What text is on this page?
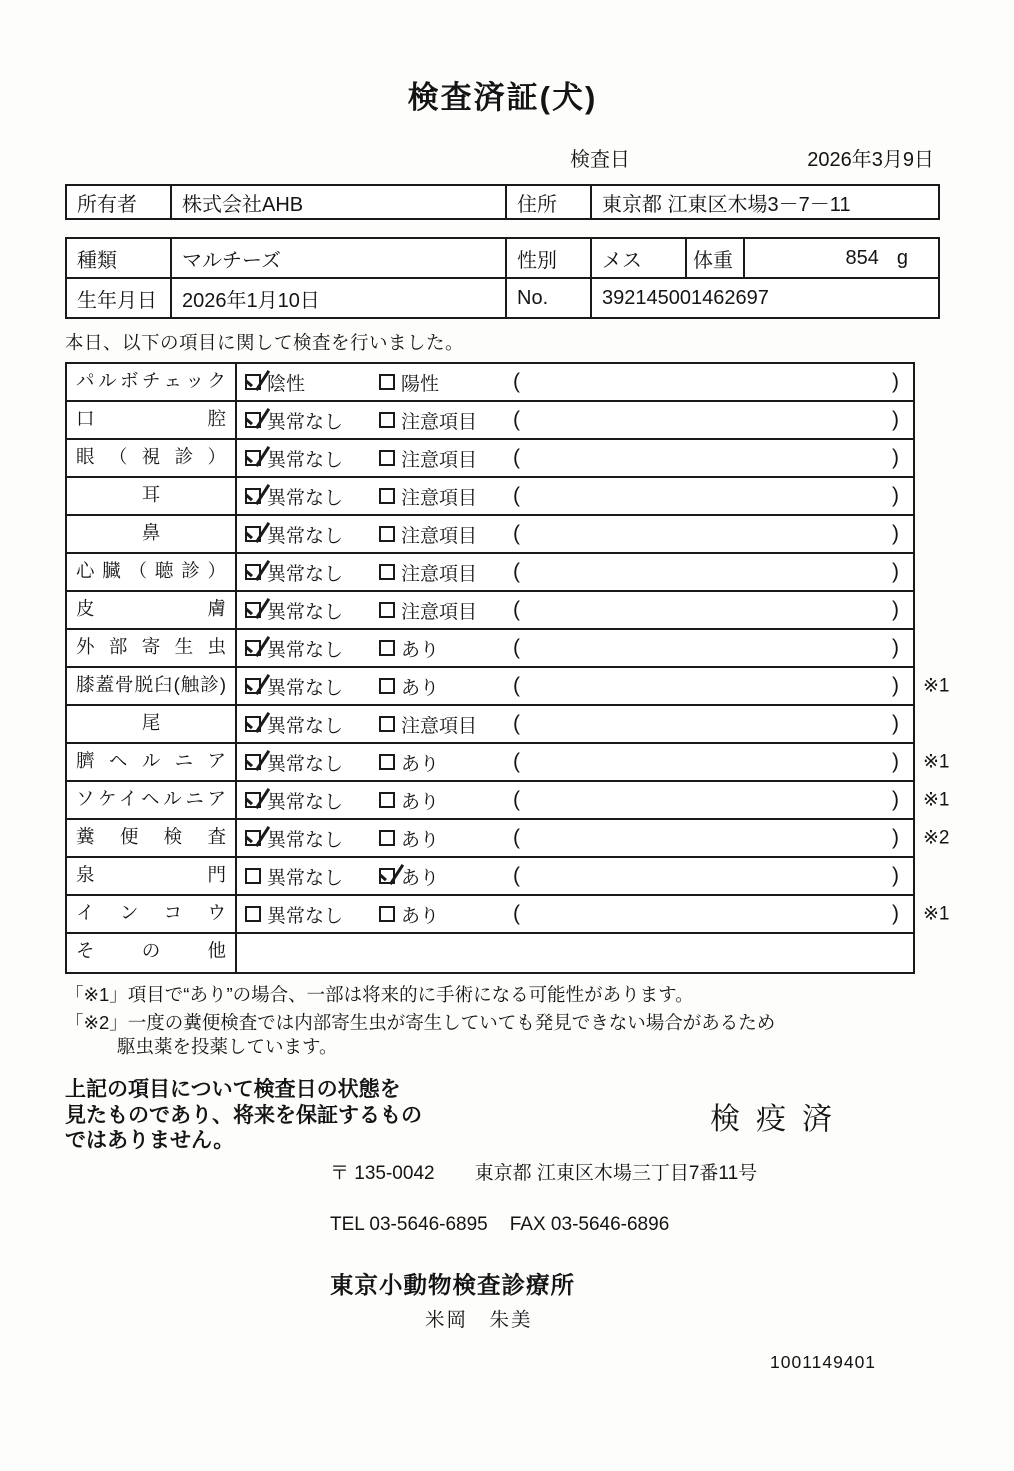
検査済証(犬)
検査日	2026年3月9日
所有者	株式会社AHB	住所	東京都 江東区木場3－7－11
種類	マルチーズ	性別	メス	体重	854 g
生年月日	2026年1月10日	No.	392145001462697

本日、以下の項目に関して検査を行いました。

パルボチェック	陰性	陽性	(	)
口腔	異常なし	注意項目 (	)
眼（視診）	異常なし	注意項目 (	)
耳	異常なし	注意項目 (	)
鼻	異常なし	注意項目 (	)
心臓（聴診）	異常なし	注意項目 (	)
皮膚	異常なし	注意項目 (	)
外部寄生虫	異常なし	あり	(	)
膝蓋骨脱臼(触診)	異常なし	あり	(	) ※1
尾	異常なし	注意項目 (	)
臍ヘルニア	異常なし	あり	(	) ※1
ソケイヘルニア	異常なし	あり	(	) ※1
糞便検査	異常なし	あり	(	) ※2
泉門	異常なし	あり	(	)
インコウ	異常なし	あり	(	) ※1
その他

「※1」項目で“あり”の場合、一部は将来的に手術になる可能性があります。

「※2」一度の糞便検査では内部寄生虫が寄生していても発見できない場合があるため
駆虫薬を投薬しています。

上記の項目について検査日の状態を
見たものであり、将来を保証するもの
ではありません。
検疫済
〒 135-0042 東京都 江東区木場三丁目7番11号
TEL 03-5646-6895 FAX 03-5646-6896
東京小動物検査診療所
米岡　朱美
1001149401
